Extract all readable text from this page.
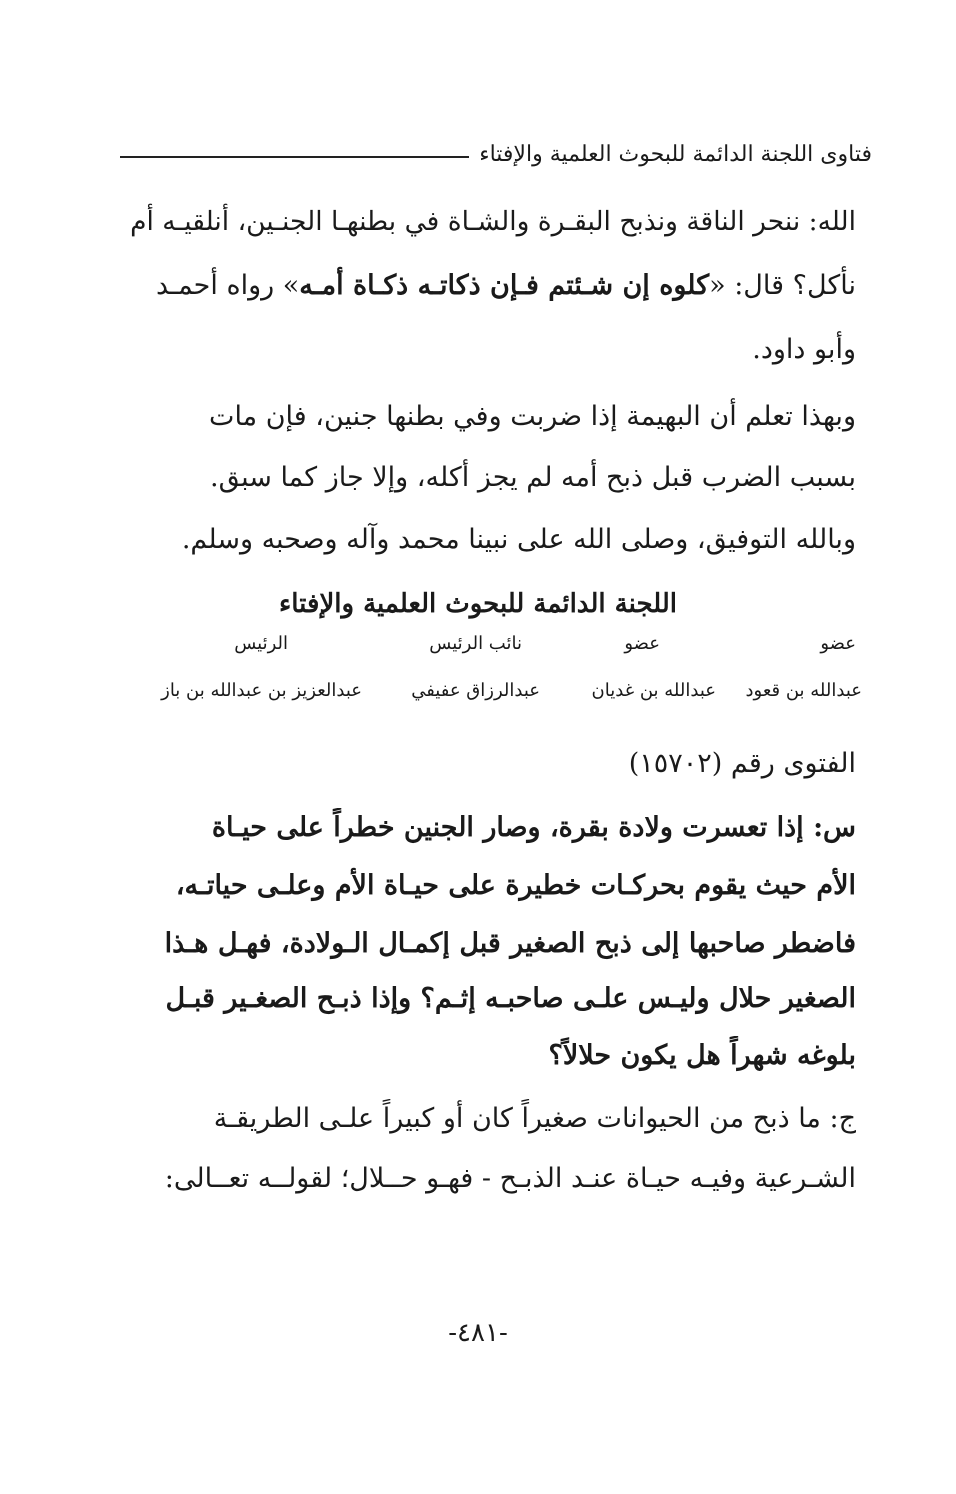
فتاوى اللجنة الدائمة للبحوث العلمية والإفتاء
الله: ننحر الناقة ونذبح البقـرة والشـاة في بطنهـا الجنـين، أنلقيـه أم
نأكل؟ قال: «كلوه إن شـئتم فـإن ذكاتـه ذكـاة أمـه» رواه أحمـد
وأبو داود.
وبهذا تعلم أن البهيمة إذا ضربت وفي بطنها جنين، فإن مات
بسبب الضرب قبل ذبح أمه لم يجز أكله، وإلا جاز كما سبق.
وبالله التوفيق، وصلى الله على نبينا محمد وآله وصحبه وسلم.
اللجنة الدائمة للبحوث العلمية والإفتاء
عضو
عضو
نائب الرئيس
الرئيس
عبدالله بن قعود
عبدالله بن غديان
عبدالرزاق عفيفي
عبدالعزيز بن عبدالله بن باز
الفتوى رقم (١٥٧٠٢)
س: إذا تعسرت ولادة بقرة، وصار الجنين خطراً على حيـاة
الأم حيث يقوم بحركـات خطيرة على حيـاة الأم وعلـى حياتـه،
فاضطر صاحبها إلى ذبح الصغير قبل إكمـال الـولادة، فهـل هـذا
الصغير حلال وليـس علـى صاحبـه إثـم؟ وإذا ذبـح الصغـير قبـل
بلوغه شهراً هل يكون حلالاً؟
ج: ما ذبح من الحيوانات صغيراً كان أو كبيراً علـى الطريقـة
الشـرعية وفيـه حيـاة عنـد الذبـح - فهـو حــلال؛ لقولــه تعــالى:
-٤٨١-
